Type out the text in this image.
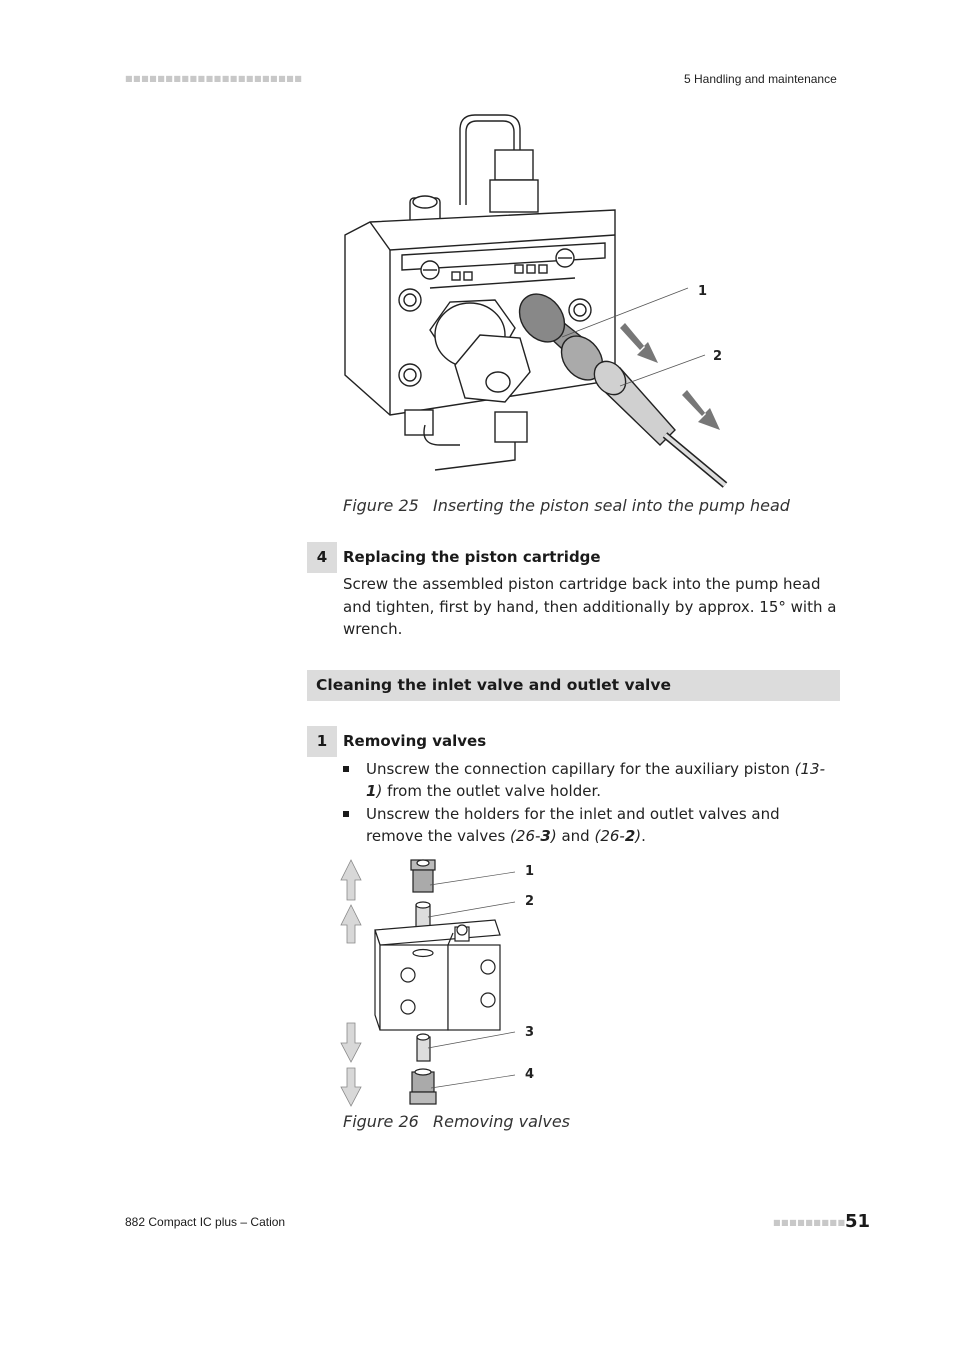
■■■■■■■■■■■■■■■■■■■■■■	5 Handling and maintenance
1
2
Figure 25 Inserting the piston seal into the pump head
4	Replacing the piston cartridge
Screw the assembled piston cartridge back into the pump head and tighten, first by hand, then additionally by approx. 15° with a wrench.
Cleaning the inlet valve and outlet valve
1	Removing valves
Unscrew the connection capillary for the auxiliary piston (13-1) from the outlet valve holder.
Unscrew the holders for the inlet and outlet valves and remove the valves (26-3) and (26-2).
1
2
3
4
Figure 26 Removing valves
882 Compact IC plus – Cation	■■■■■■■■■ 51
